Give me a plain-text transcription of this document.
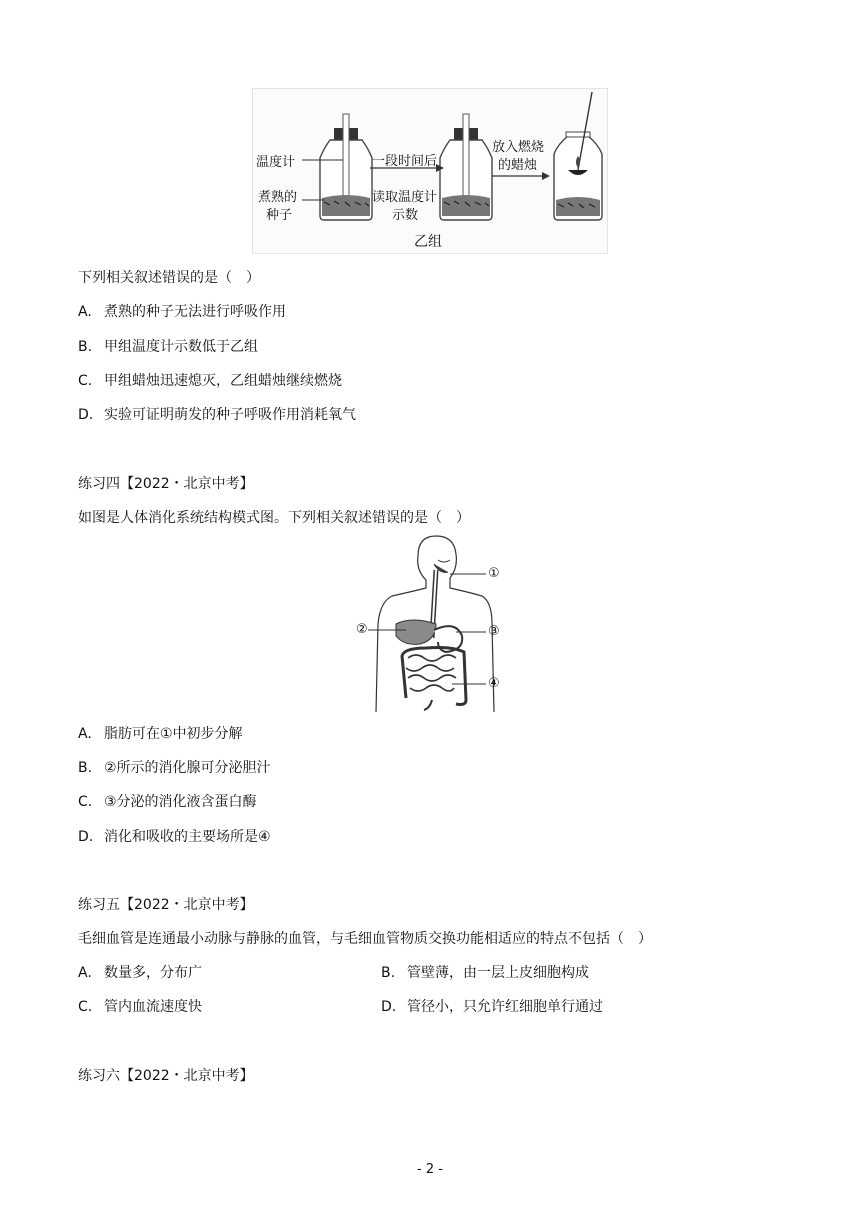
温度计
煮熟的
种子
一段时间后
读取温度计
示数
放入燃烧
的蜡烛
乙组
下列相关叙述错误的是（　）
A. 煮熟的种子无法进行呼吸作用
B. 甲组温度计示数低于乙组
C. 甲组蜡烛迅速熄灭，乙组蜡烛继续燃烧
D. 实验可证明萌发的种子呼吸作用消耗氧气
练习四【2022・北京中考】
如图是人体消化系统结构模式图。下列相关叙述错误的是（　）
①
②	③
④
A. 脂肪可在①中初步分解
B. ②所示的消化腺可分泌胆汁
C. ③分泌的消化液含蛋白酶
D. 消化和吸收的主要场所是④
练习五【2022・北京中考】
毛细血管是连通最小动脉与静脉的血管，与毛细血管物质交换功能相适应的特点不包括（　）
A. 数量多，分布广	B. 管壁薄，由一层上皮细胞构成
C. 管内血流速度快	D. 管径小，只允许红细胞单行通过
练习六【2022・北京中考】
- 2 -
